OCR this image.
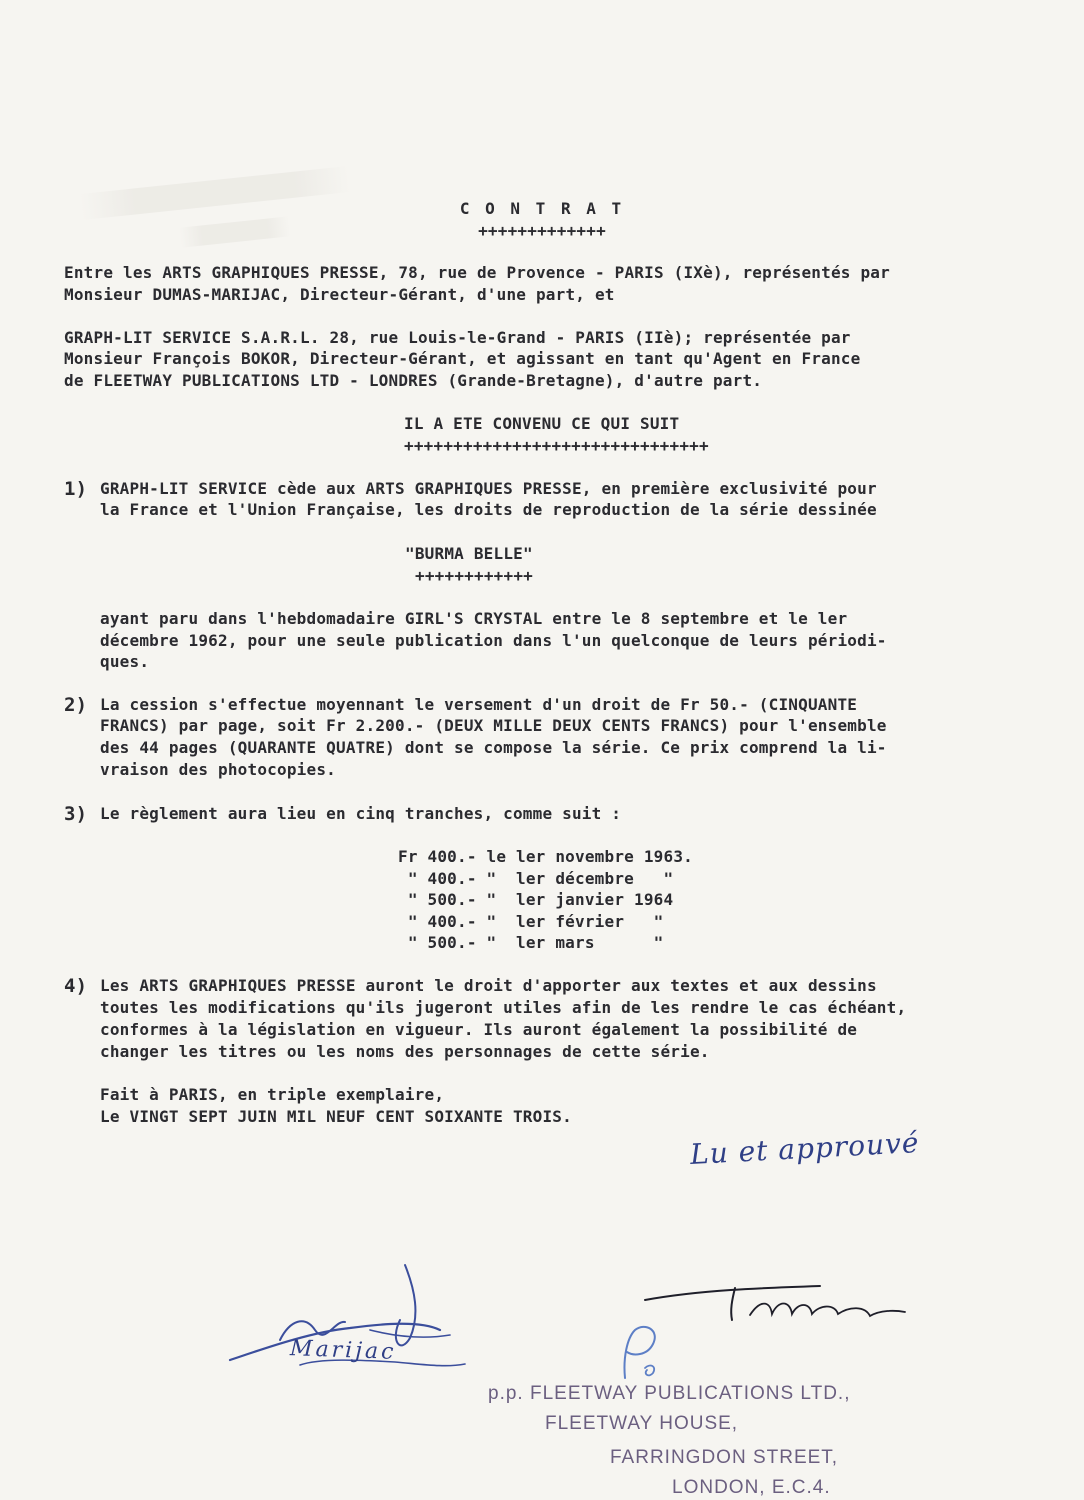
C O N T R A T
+++++++++++++
Entre les ARTS GRAPHIQUES PRESSE, 78, rue de Provence - PARIS (IXè), représentés par
Monsieur DUMAS-MARIJAC, Directeur-Gérant, d'une part, et
GRAPH-LIT SERVICE S.A.R.L. 28, rue Louis-le-Grand - PARIS (IIè); représentée par
Monsieur François BOKOR, Directeur-Gérant, et agissant en tant qu'Agent en France
de FLEETWAY PUBLICATIONS LTD - LONDRES (Grande-Bretagne), d'autre part.
IL A ETE CONVENU CE QUI SUIT
+++++++++++++++++++++++++++++++
1) GRAPH-LIT SERVICE cède aux ARTS GRAPHIQUES PRESSE, en première exclusivité pour
la France et l'Union Française, les droits de reproduction de la série dessinée
"BURMA BELLE"
++++++++++++
ayant paru dans l'hebdomadaire GIRL'S CRYSTAL entre le 8 septembre et le ler
décembre 1962, pour une seule publication dans l'un quelconque de leurs périodi-
ques.
2) La cession s'effectue moyennant le versement d'un droit de Fr 50.- (CINQUANTE
FRANCS) par page, soit Fr 2.200.- (DEUX MILLE DEUX CENTS FRANCS) pour l'ensemble
des 44 pages (QUARANTE QUATRE) dont se compose la série. Ce prix comprend la li-
vraison des photocopies.
3) Le règlement aura lieu en cinq tranches, comme suit :
Fr 400.- le ler novembre 1963.
" 400.- "  ler décembre   "
" 500.- "  ler janvier 1964
" 400.- "  ler février   "
" 500.- "  ler mars      "
4) Les ARTS GRAPHIQUES PRESSE auront le droit d'apporter aux textes et aux dessins
toutes les modifications qu'ils jugeront utiles afin de les rendre le cas échéant,
conformes à la législation en vigueur. Ils auront également la possibilité de
changer les titres ou les noms des personnages de cette série.
Fait à PARIS, en triple exemplaire,
Le VINGT SEPT JUIN MIL NEUF CENT SOIXANTE TROIS.
Lu et approuvé
Marijac
p.p. FLEETWAY PUBLICATIONS LTD.,
FLEETWAY HOUSE,
FARRINGDON STREET,
LONDON, E.C.4.
